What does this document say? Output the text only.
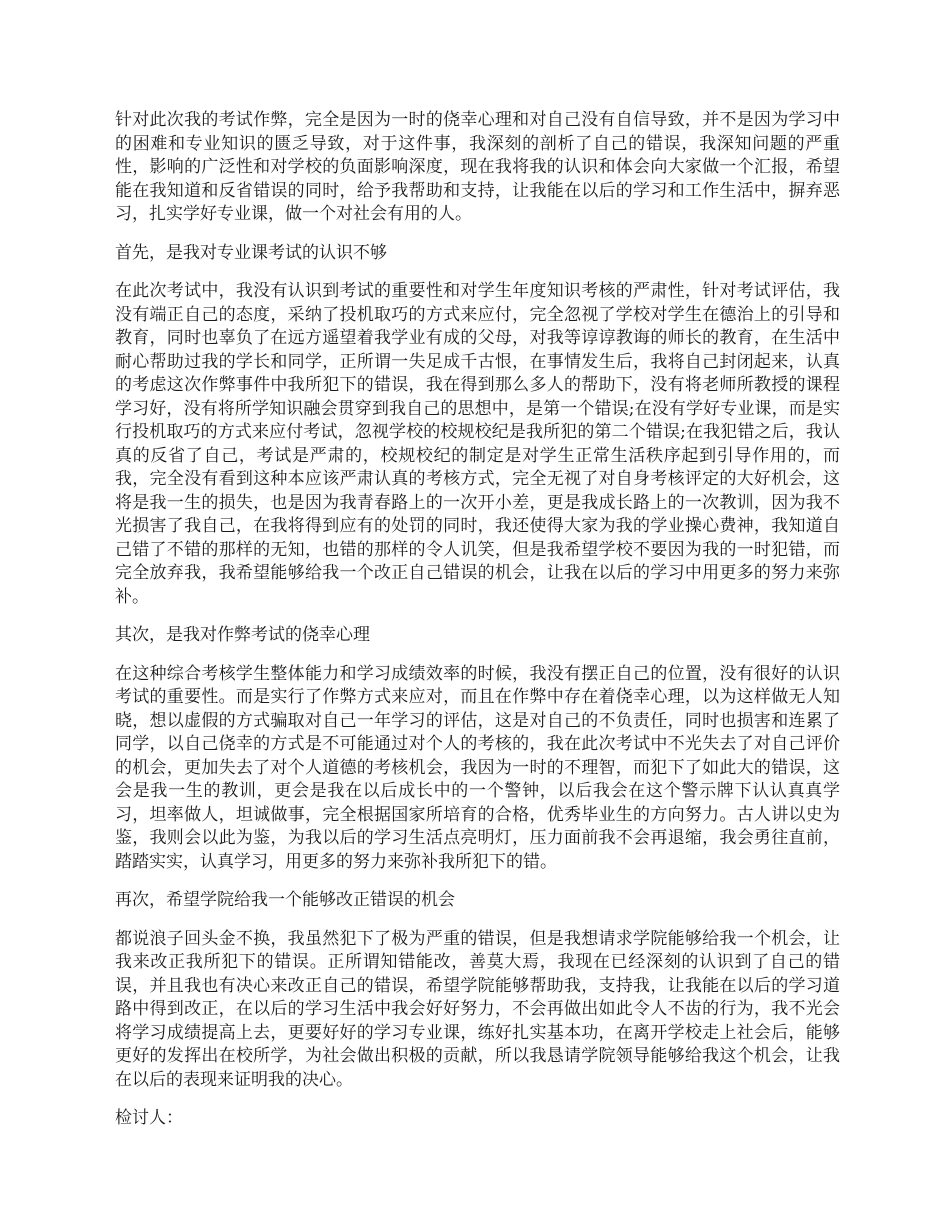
针对此次我的考试作弊，完全是因为一时的侥幸心理和对自己没有自信导致，并不是因为学习中的困难和专业知识的匮乏导致，对于这件事，我深刻的剖析了自己的错误，我深知问题的严重性，影响的广泛性和对学校的负面影响深度，现在我将我的认识和体会向大家做一个汇报，希望能在我知道和反省错误的同时，给予我帮助和支持，让我能在以后的学习和工作生活中，摒弃恶习，扎实学好专业课，做一个对社会有用的人。

首先，是我对专业课考试的认识不够

在此次考试中，我没有认识到考试的重要性和对学生年度知识考核的严肃性，针对考试评估，我没有端正自己的态度，采纳了投机取巧的方式来应付，完全忽视了学校对学生在德治上的引导和教育，同时也辜负了在远方遥望着我学业有成的父母，对我等谆谆教诲的师长的教育，在生活中耐心帮助过我的学长和同学，正所谓一失足成千古恨，在事情发生后，我将自己封闭起来，认真的考虑这次作弊事件中我所犯下的错误，我在得到那么多人的帮助下，没有将老师所教授的课程学习好，没有将所学知识融会贯穿到我自己的思想中，是第一个错误;在没有学好专业课，而是实行投机取巧的方式来应付考试，忽视学校的校规校纪是我所犯的第二个错误;在我犯错之后，我认真的反省了自己，考试是严肃的，校规校纪的制定是对学生正常生活秩序起到引导作用的，而我，完全没有看到这种本应该严肃认真的考核方式，完全无视了对自身考核评定的大好机会，这将是我一生的损失，也是因为我青春路上的一次开小差，更是我成长路上的一次教训，因为我不光损害了我自己，在我将得到应有的处罚的同时，我还使得大家为我的学业操心费神，我知道自己错了不错的那样的无知，也错的那样的令人讥笑，但是我希望学校不要因为我的一时犯错，而完全放弃我，我希望能够给我一个改正自己错误的机会，让我在以后的学习中用更多的努力来弥补。

其次，是我对作弊考试的侥幸心理

在这种综合考核学生整体能力和学习成绩效率的时候，我没有摆正自己的位置，没有很好的认识考试的重要性。而是实行了作弊方式来应对，而且在作弊中存在着侥幸心理，以为这样做无人知晓，想以虚假的方式骗取对自己一年学习的评估，这是对自己的不负责任，同时也损害和连累了同学，以自己侥幸的方式是不可能通过对个人的考核的，我在此次考试中不光失去了对自己评价的机会，更加失去了对个人道德的考核机会，我因为一时的不理智，而犯下了如此大的错误，这会是我一生的教训，更会是我在以后成长中的一个警钟，以后我会在这个警示牌下认认真真学习，坦率做人，坦诚做事，完全根据国家所培育的合格，优秀毕业生的方向努力。古人讲以史为鉴，我则会以此为鉴，为我以后的学习生活点亮明灯，压力面前我不会再退缩，我会勇往直前，踏踏实实，认真学习，用更多的努力来弥补我所犯下的错。

再次，希望学院给我一个能够改正错误的机会

都说浪子回头金不换，我虽然犯下了极为严重的错误，但是我想请求学院能够给我一个机会，让我来改正我所犯下的错误。正所谓知错能改，善莫大焉，我现在已经深刻的认识到了自己的错误，并且我也有决心来改正自己的错误，希望学院能够帮助我，支持我，让我能在以后的学习道路中得到改正，在以后的学习生活中我会好好努力，不会再做出如此令人不齿的行为，我不光会将学习成绩提高上去，更要好好的学习专业课，练好扎实基本功，在离开学校走上社会后，能够更好的发挥出在校所学，为社会做出积极的贡献，所以我恳请学院领导能够给我这个机会，让我在以后的表现来证明我的决心。

检讨人：
